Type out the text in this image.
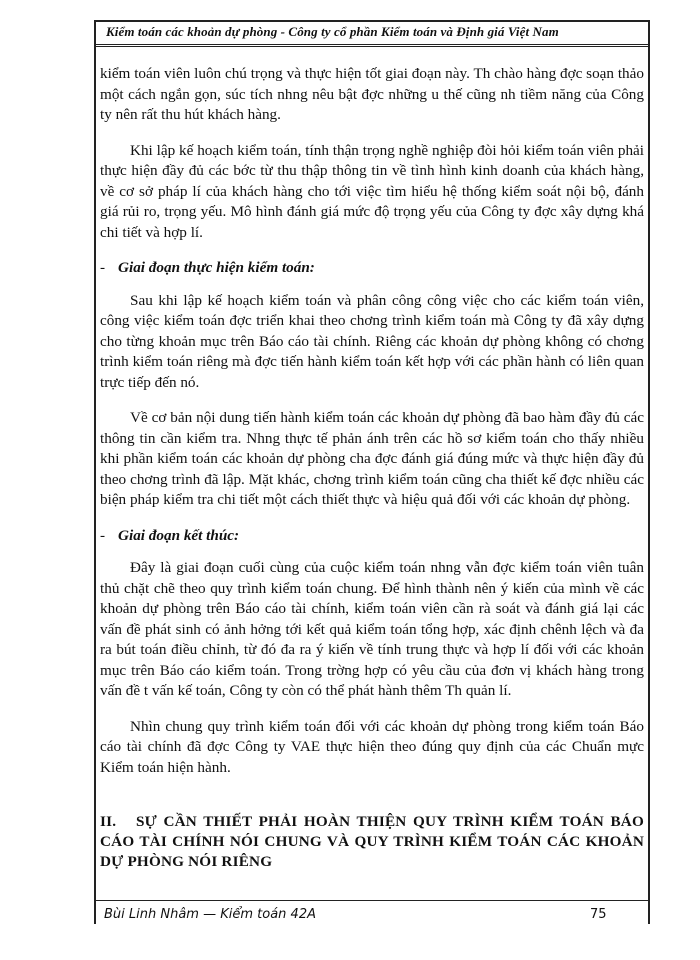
Kiểm toán các khoản dự phòng - Công ty cổ phần Kiểm toán và Định giá Việt Nam

kiểm toán viên luôn chú trọng và thực hiện tốt giai đoạn này. Th chào hàng đợc soạn thảo một cách ngắn gọn, súc tích nhng nêu bật đợc những u thế cũng nh tiềm năng của Công ty nên rất thu hút khách hàng.

Khi lập kế hoạch kiểm toán, tính thận trọng nghề nghiệp đòi hỏi kiểm toán viên phải thực hiện đầy đủ các bớc từ thu thập thông tin về tình hình kinh doanh của khách hàng, về cơ sở pháp lí của khách hàng cho tới việc tìm hiểu hệ thống kiểm soát nội bộ, đánh giá rủi ro, trọng yếu. Mô hình đánh giá mức độ trọng yếu của Công ty đợc xây dựng khá chi tiết và hợp lí.

- Giai đoạn thực hiện kiểm toán:

Sau khi lập kế hoạch kiểm toán và phân công công việc cho các kiểm toán viên, công việc kiểm toán đợc triển khai theo chơng trình kiểm toán mà Công ty đã xây dựng cho từng khoản mục trên Báo cáo tài chính. Riêng các khoản dự phòng không có chơng trình kiểm toán riêng mà đợc tiến hành kiểm toán kết hợp với các phần hành có liên quan trực tiếp đến nó.

Về cơ bản nội dung tiến hành kiểm toán các khoản dự phòng đã bao hàm đầy đủ các thông tin cần kiểm tra. Nhng thực tế phản ánh trên các hồ sơ kiểm toán cho thấy nhiều khi phần kiểm toán các khoản dự phòng cha đợc đánh giá đúng mức và thực hiện đầy đủ theo chơng trình đã lập. Mặt khác, chơng trình kiểm toán cũng cha thiết kế đợc nhiều các biện pháp kiểm tra chi tiết một cách thiết thực và hiệu quả đối với các khoản dự phòng.

- Giai đoạn kết thúc:

Đây là giai đoạn cuối cùng của cuộc kiểm toán nhng vẫn đợc kiểm toán viên tuân thủ chặt chẽ theo quy trình kiểm toán chung. Để hình thành nên ý kiến của mình về các khoản dự phòng trên Báo cáo tài chính, kiểm toán viên cần rà soát và đánh giá lại các vấn đề phát sinh có ảnh hởng tới kết quả kiểm toán tổng hợp, xác định chênh lệch và đa ra bút toán điều chỉnh, từ đó đa ra ý kiến về tính trung thực và hợp lí đối với các khoản mục trên Báo cáo kiểm toán. Trong trờng hợp có yêu cầu của đơn vị khách hàng trong vấn đề t vấn kế toán, Công ty còn có thể phát hành thêm Th quản lí.

Nhìn chung quy trình kiểm toán đối với các khoản dự phòng trong kiểm toán Báo cáo tài chính đã đợc Công ty VAE thực hiện theo đúng quy định của các Chuẩn mực Kiểm toán hiện hành.

II. SỰ CẦN THIẾT PHẢI HOÀN THIỆN QUY TRÌNH KIỂM TOÁN BÁO CÁO TÀI CHÍNH NÓI CHUNG VÀ QUY TRÌNH KIỂM TOÁN CÁC KHOẢN DỰ PHÒNG NÓI RIÊNG
Bùi Linh Nhâm — Kiểm toán 42A	75
